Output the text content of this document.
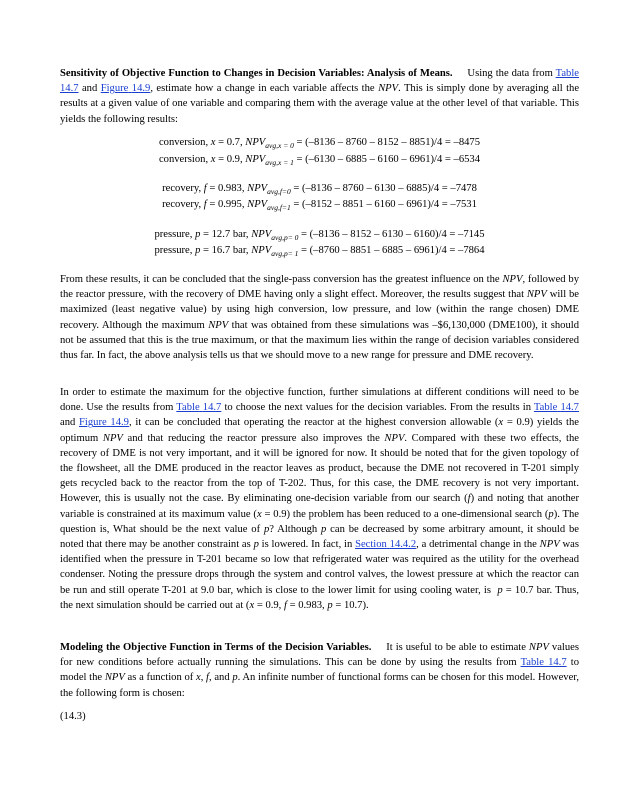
Sensitivity of Objective Function to Changes in Decision Variables: Analysis of Means. Using the data from Table 14.7 and Figure 14.9, estimate how a change in each variable affects the NPV. This is simply done by averaging all the results at a given value of one variable and comparing them with the average value at the other level of that variable. This yields the following results:
conversion, x = 0.7, $NPV_{avg,x = 0} = (-8136 - 8760 - 8152 - 8851)/4 = -8475$
conversion, x = 0.9, $NPV_{avg,x = 1} = (-6130 - 6885 - 6160 - 6961)/4 = -6534$
recovery, f = 0.983, $NPV_{avg,f=0} = (-8136 - 8760 - 6130 - 6885)/4 = -7478$
recovery, f = 0.995, $NPV_{avg,f=1} = (-8152 - 8851 - 6160 - 6961)/4 = -7531$
pressure, p = 12.7 bar, $NPV_{avg,p= 0} = (-8136 - 8152 - 6130 - 6160)/4 = -7145$
pressure, p = 16.7 bar, $NPV_{avg,p= 1} = (-8760 - 8851 - 6885 - 6961)/4 = -7864$
From these results, it can be concluded that the single-pass conversion has the greatest influence on the NPV, followed by the reactor pressure, with the recovery of DME having only a slight effect. Moreover, the results suggest that NPV will be maximized (least negative value) by using high conversion, low pressure, and low (within the range chosen) DME recovery. Although the maximum NPV that was obtained from these simulations was –$6,130,000 (DME100), it should not be assumed that this is the true maximum, or that the maximum lies within the range of decision variables considered thus far. In fact, the above analysis tells us that we should move to a new range for pressure and DME recovery.
In order to estimate the maximum for the objective function, further simulations at different conditions will need to be done. Use the results from Table 14.7 to choose the next values for the decision variables. From the results in Table 14.7 and Figure 14.9, it can be concluded that operating the reactor at the highest conversion allowable (x = 0.9) yields the optimum NPV and that reducing the reactor pressure also improves the NPV. Compared with these two effects, the recovery of DME is not very important, and it will be ignored for now. It should be noted that for the given topology of the flowsheet, all the DME produced in the reactor leaves as product, because the DME not recovered in T-201 simply gets recycled back to the reactor from the top of T-202. Thus, for this case, the DME recovery is not very important. However, this is usually not the case. By eliminating one-decision variable from our search (f) and noting that another variable is constrained at its maximum value (x = 0.9) the problem has been reduced to a one-dimensional search (p). The question is, What should be the next value of p? Although p can be decreased by some arbitrary amount, it should be noted that there may be another constraint as p is lowered. In fact, in Section 14.4.2, a detrimental change in the NPV was identified when the pressure in T-201 became so low that refrigerated water was required as the utility for the overhead condenser. Noting the pressure drops through the system and control valves, the lowest pressure at which the reactor can be run and still operate T-201 at 9.0 bar, which is close to the lower limit for using cooling water, is p = 10.7 bar. Thus, the next simulation should be carried out at (x = 0.9, f = 0.983, p = 10.7).
Modeling the Objective Function in Terms of the Decision Variables. It is useful to be able to estimate NPV values for new conditions before actually running the simulations. This can be done by using the results from Table 14.7 to model the NPV as a function of x, f, and p. An infinite number of functional forms can be chosen for this model. However, the following form is chosen:
(14.3)
